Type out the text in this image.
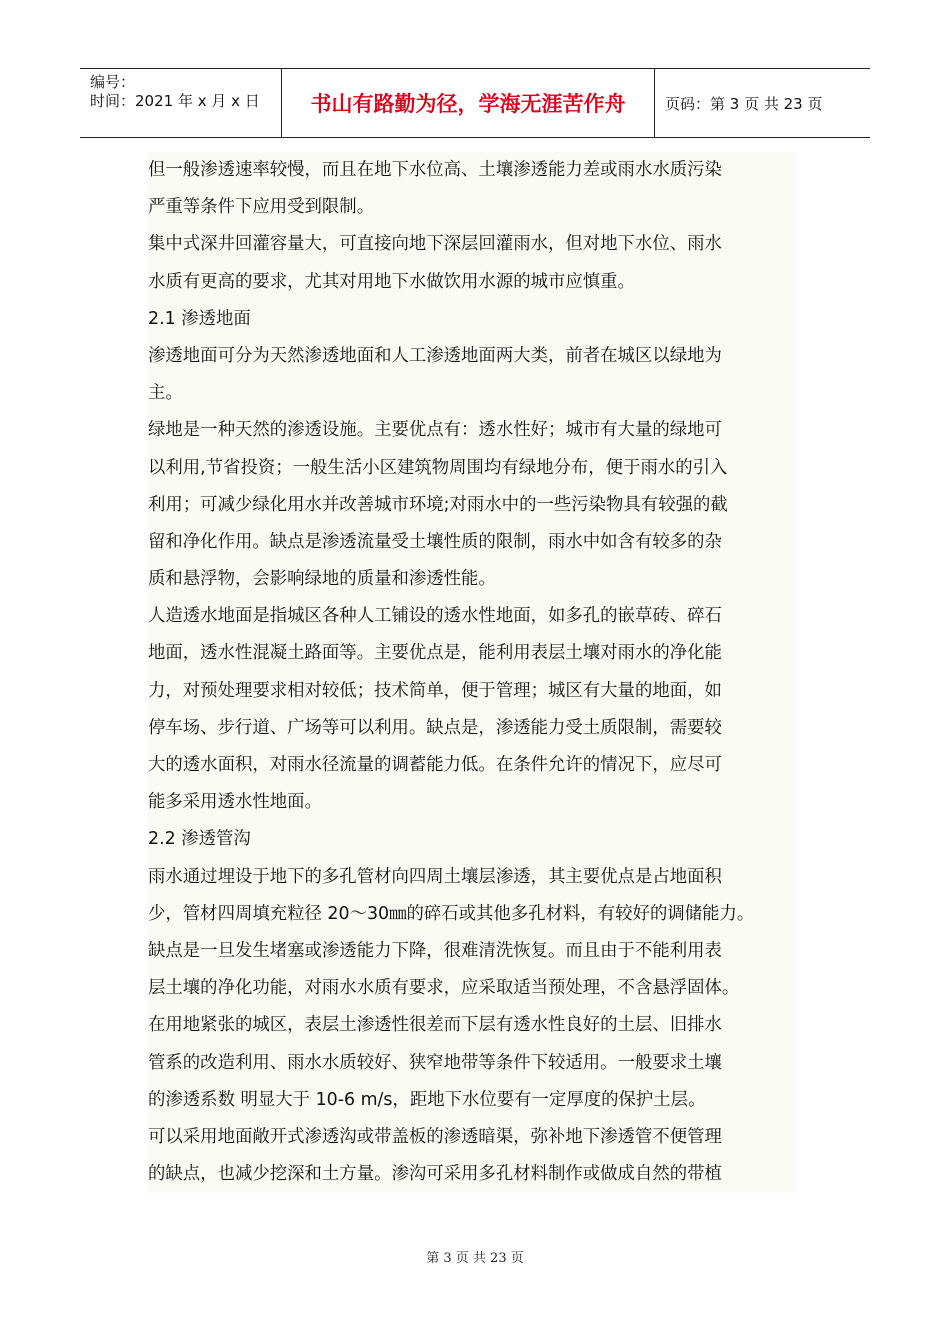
编号：
时间：2021 年 x 月 x 日	书山有路勤为径，学海无涯苦作舟	页码：第 3 页 共 23 页
但一般渗透速率较慢，而且在地下水位高、土壤渗透能力差或雨水水质污染
严重等条件下应用受到限制。
集中式深井回灌容量大，可直接向地下深层回灌雨水，但对地下水位、雨水
水质有更高的要求，尤其对用地下水做饮用水源的城市应慎重。
2.1 渗透地面
渗透地面可分为天然渗透地面和人工渗透地面两大类，前者在城区以绿地为
主。
绿地是一种天然的渗透设施。主要优点有：透水性好；城市有大量的绿地可
以利用,节省投资；一般生活小区建筑物周围均有绿地分布，便于雨水的引入
利用；可减少绿化用水并改善城市环境;对雨水中的一些污染物具有较强的截
留和净化作用。缺点是渗透流量受土壤性质的限制，雨水中如含有较多的杂
质和悬浮物，会影响绿地的质量和渗透性能。
人造透水地面是指城区各种人工铺设的透水性地面，如多孔的嵌草砖、碎石
地面，透水性混凝土路面等。主要优点是，能利用表层土壤对雨水的净化能
力，对预处理要求相对较低；技术简单，便于管理；城区有大量的地面，如
停车场、步行道、广场等可以利用。缺点是，渗透能力受土质限制，需要较
大的透水面积，对雨水径流量的调蓄能力低。在条件允许的情况下，应尽可
能多采用透水性地面。
2.2 渗透管沟
雨水通过埋设于地下的多孔管材向四周土壤层渗透，其主要优点是占地面积
少，管材四周填充粒径 20～30㎜的碎石或其他多孔材料，有较好的调储能力。
缺点是一旦发生堵塞或渗透能力下降，很难清洗恢复。而且由于不能利用表
层土壤的净化功能，对雨水水质有要求，应采取适当预处理，不含悬浮固体。
在用地紧张的城区，表层土渗透性很差而下层有透水性良好的土层、旧排水
管系的改造利用、雨水水质较好、狭窄地带等条件下较适用。一般要求土壤
的渗透系数 明显大于 10-6 m/s，距地下水位要有一定厚度的保护土层。
可以采用地面敞开式渗透沟或带盖板的渗透暗渠，弥补地下渗透管不便管理
的缺点，也减少挖深和土方量。渗沟可采用多孔材料制作或做成自然的带植
第 3 页 共 23 页
